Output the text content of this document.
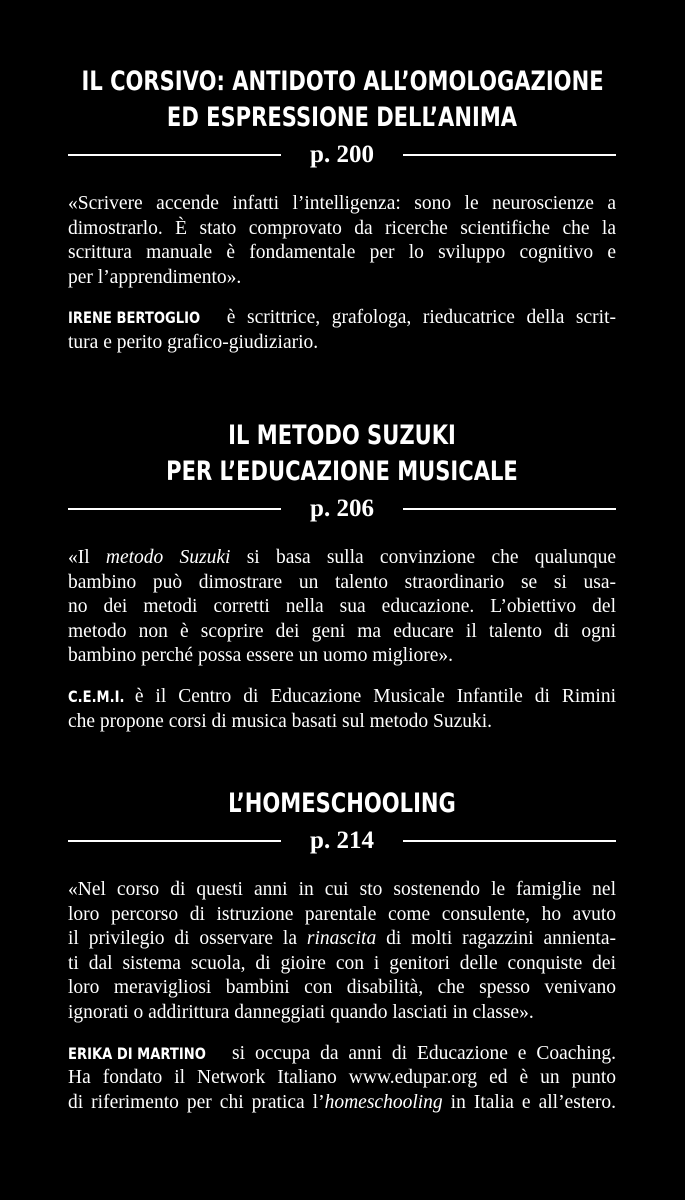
IL CORSIVO: ANTIDOTO ALL’OMOLOGAZIONE
ED ESPRESSIONE DELL’ANIMA
p. 200
«Scrivere accende infatti l’intelligenza: sono le neuroscienze a
dimostrarlo. È stato comprovato da ricerche scientifiche che la
scrittura manuale è fondamentale per lo sviluppo cognitivo e
per l’apprendimento».
IRENE BERTOGLIO è scrittrice, grafologa, rieducatrice della scrit-
tura e perito grafico-giudiziario.
IL METODO SUZUKI
PER L’EDUCAZIONE MUSICALE
p. 206
«Il metodo Suzuki si basa sulla convinzione che qualunque
bambino può dimostrare un talento straordinario se si usa-
no dei metodi corretti nella sua educazione. L’obiettivo del
metodo non è scoprire dei geni ma educare il talento di ogni
bambino perché possa essere un uomo migliore».
C.E.M.I. è il Centro di Educazione Musicale Infantile di Rimini
che propone corsi di musica basati sul metodo Suzuki.
L’HOMESCHOOLING
p. 214
«Nel corso di questi anni in cui sto sostenendo le famiglie nel
loro percorso di istruzione parentale come consulente, ho avuto
il privilegio di osservare la rinascita di molti ragazzini annienta-
ti dal sistema scuola, di gioire con i genitori delle conquiste dei
loro meravigliosi bambini con disabilità, che spesso venivano
ignorati o addirittura danneggiati quando lasciati in classe».
ERIKA DI MARTINO si occupa da anni di Educazione e Coaching.
Ha fondato il Network Italiano www.edupar.org ed è un punto
di riferimento per chi pratica l’homeschooling in Italia e all’estero.
